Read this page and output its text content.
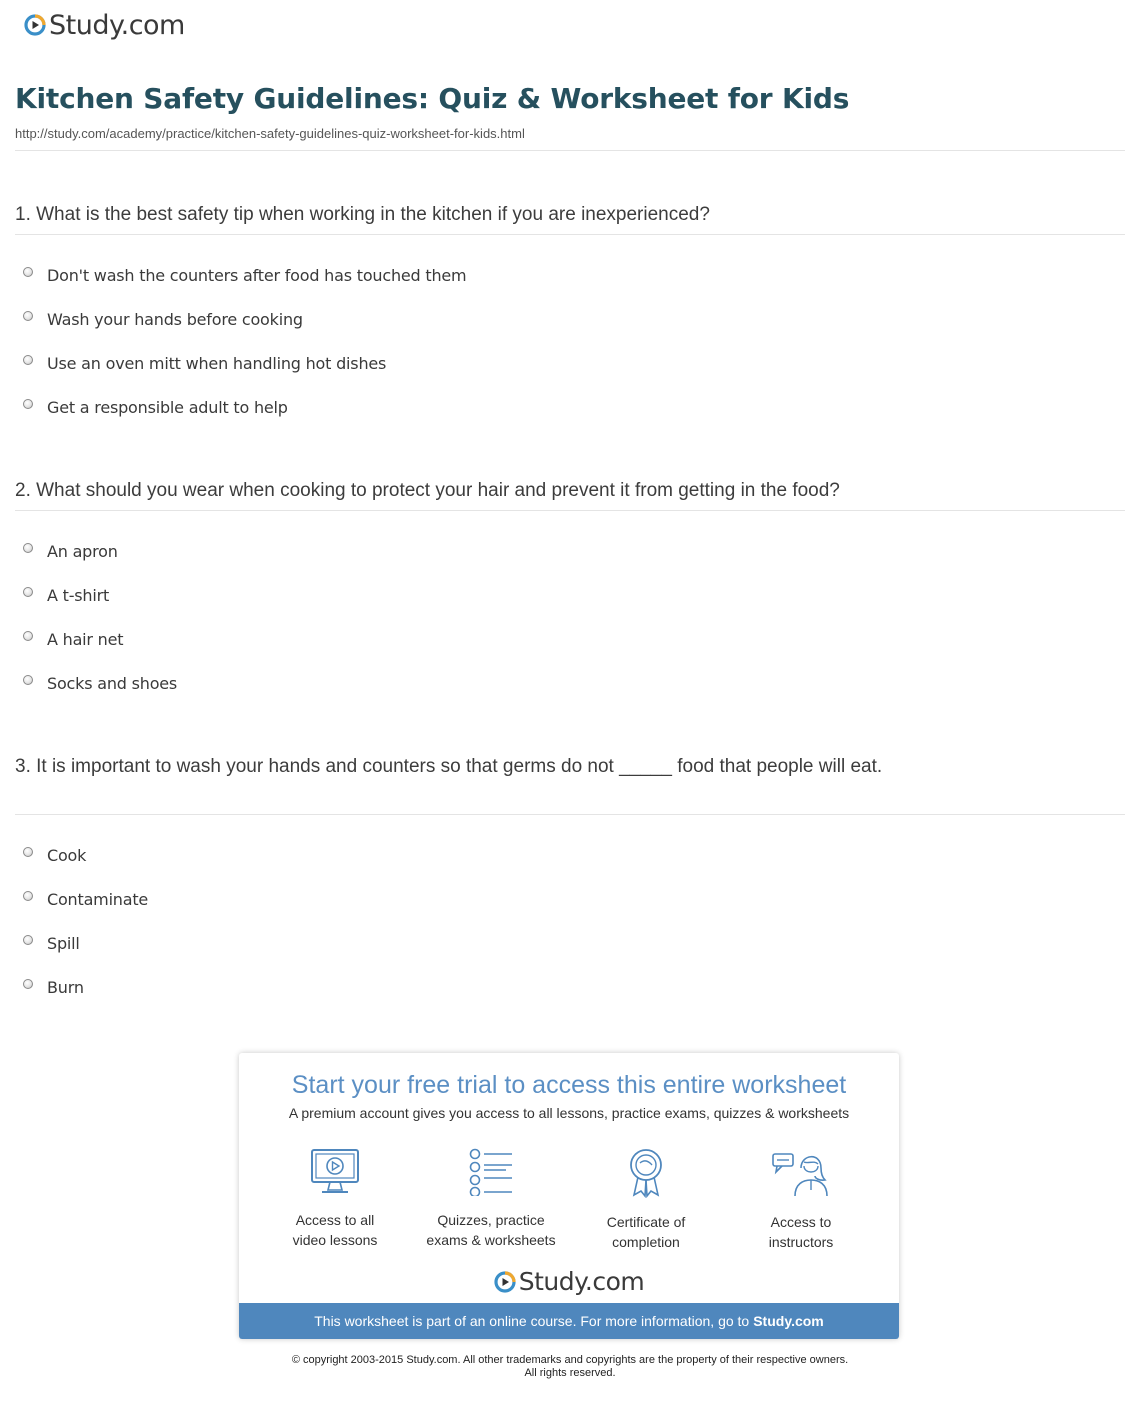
Study.com
Kitchen Safety Guidelines: Quiz & Worksheet for Kids
http://study.com/academy/practice/kitchen-safety-guidelines-quiz-worksheet-for-kids.html
1. What is the best safety tip when working in the kitchen if you are inexperienced?
Don't wash the counters after food has touched them
Wash your hands before cooking
Use an oven mitt when handling hot dishes
Get a responsible adult to help
2. What should you wear when cooking to protect your hair and prevent it from getting in the food?
An apron
A t-shirt
A hair net
Socks and shoes
3. It is important to wash your hands and counters so that germs do not _____ food that people will eat.
Cook
Contaminate
Spill
Burn
Start your free trial to access this entire worksheet
A premium account gives you access to all lessons, practice exams, quizzes & worksheets
Access to all
video lessons
Quizzes, practice
exams & worksheets
Certificate of
completion
Access to
instructors
Study.com
This worksheet is part of an online course. For more information, go to Study.com
© copyright 2003-2015 Study.com. All other trademarks and copyrights are the property of their respective owners.
All rights reserved.
